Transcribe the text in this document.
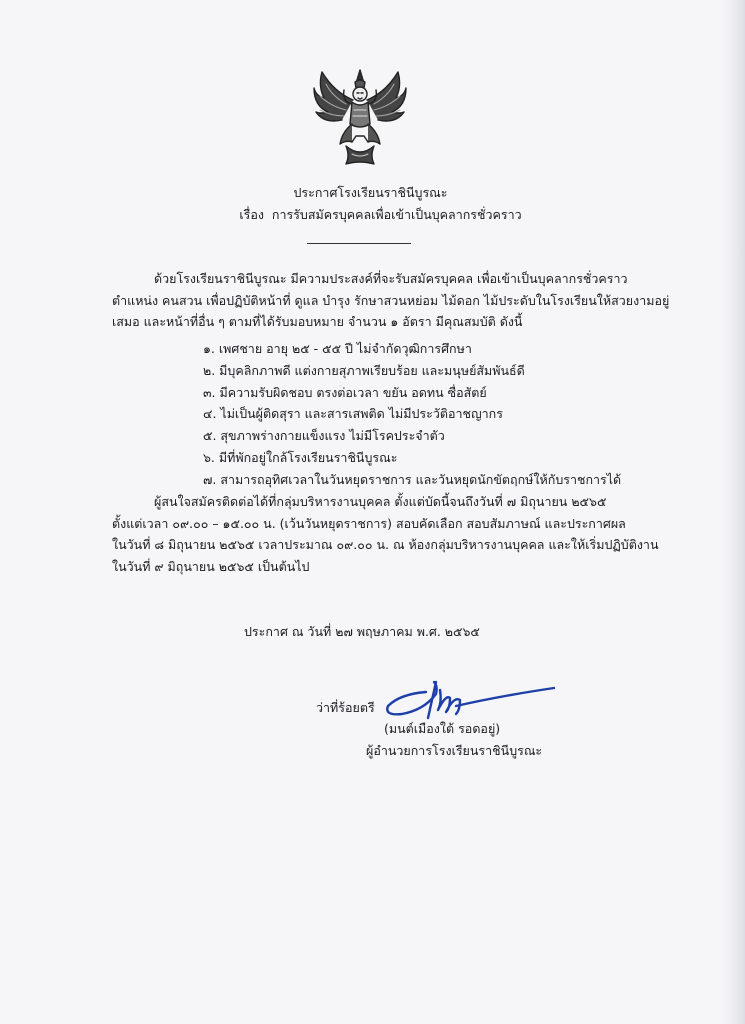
ประกาศโรงเรียนราชินีบูรณะ
เรื่อง การรับสมัครบุคคลเพื่อเข้าเป็นบุคลากรชั่วคราว
ด้วยโรงเรียนราชินีบูรณะ มีความประสงค์ที่จะรับสมัครบุคคล เพื่อเข้าเป็นบุคลากรชั่วคราว
ตำแหน่ง คนสวน เพื่อปฏิบัติหน้าที่ ดูแล บำรุง รักษาสวนหย่อม ไม้ดอก ไม้ประดับในโรงเรียนให้สวยงามอยู่
เสมอ และหน้าที่อื่น ๆ ตามที่ได้รับมอบหมาย จำนวน ๑ อัตรา มีคุณสมบัติ ดังนี้
๑. เพศชาย อายุ ๒๕ - ๕๕ ปี ไม่จำกัดวุฒิการศึกษา
๒. มีบุคลิกภาพดี แต่งกายสุภาพเรียบร้อย และมนุษย์สัมพันธ์ดี
๓. มีความรับผิดชอบ ตรงต่อเวลา ขยัน อดทน ซื่อสัตย์
๔. ไม่เป็นผู้ติดสุรา และสารเสพติด ไม่มีประวัติอาชญากร
๕. สุขภาพร่างกายแข็งแรง ไม่มีโรคประจำตัว
๖. มีที่พักอยู่ใกล้โรงเรียนราชินีบูรณะ
๗. สามารถอุทิศเวลาในวันหยุดราชการ และวันหยุดนักขัตฤกษ์ให้กับราชการได้
ผู้สนใจสมัครติดต่อได้ที่กลุ่มบริหารงานบุคคล ตั้งแต่บัดนี้จนถึงวันที่ ๗ มิถุนายน ๒๕๖๕
ตั้งแต่เวลา ๐๙.๐๐ – ๑๕.๐๐ น. (เว้นวันหยุดราชการ) สอบคัดเลือก สอบสัมภาษณ์ และประกาศผล
ในวันที่ ๘ มิถุนายน ๒๕๖๕ เวลาประมาณ ๐๙.๐๐ น. ณ ห้องกลุ่มบริหารงานบุคคล และให้เริ่มปฏิบัติงาน
ในวันที่ ๙ มิถุนายน ๒๕๖๕ เป็นต้นไป
ประกาศ ณ วันที่ ๒๗ พฤษภาคม พ.ศ. ๒๕๖๕
ว่าที่ร้อยตรี
(มนต์เมืองใต้ รอดอยู่)
ผู้อำนวยการโรงเรียนราชินีบูรณะ
